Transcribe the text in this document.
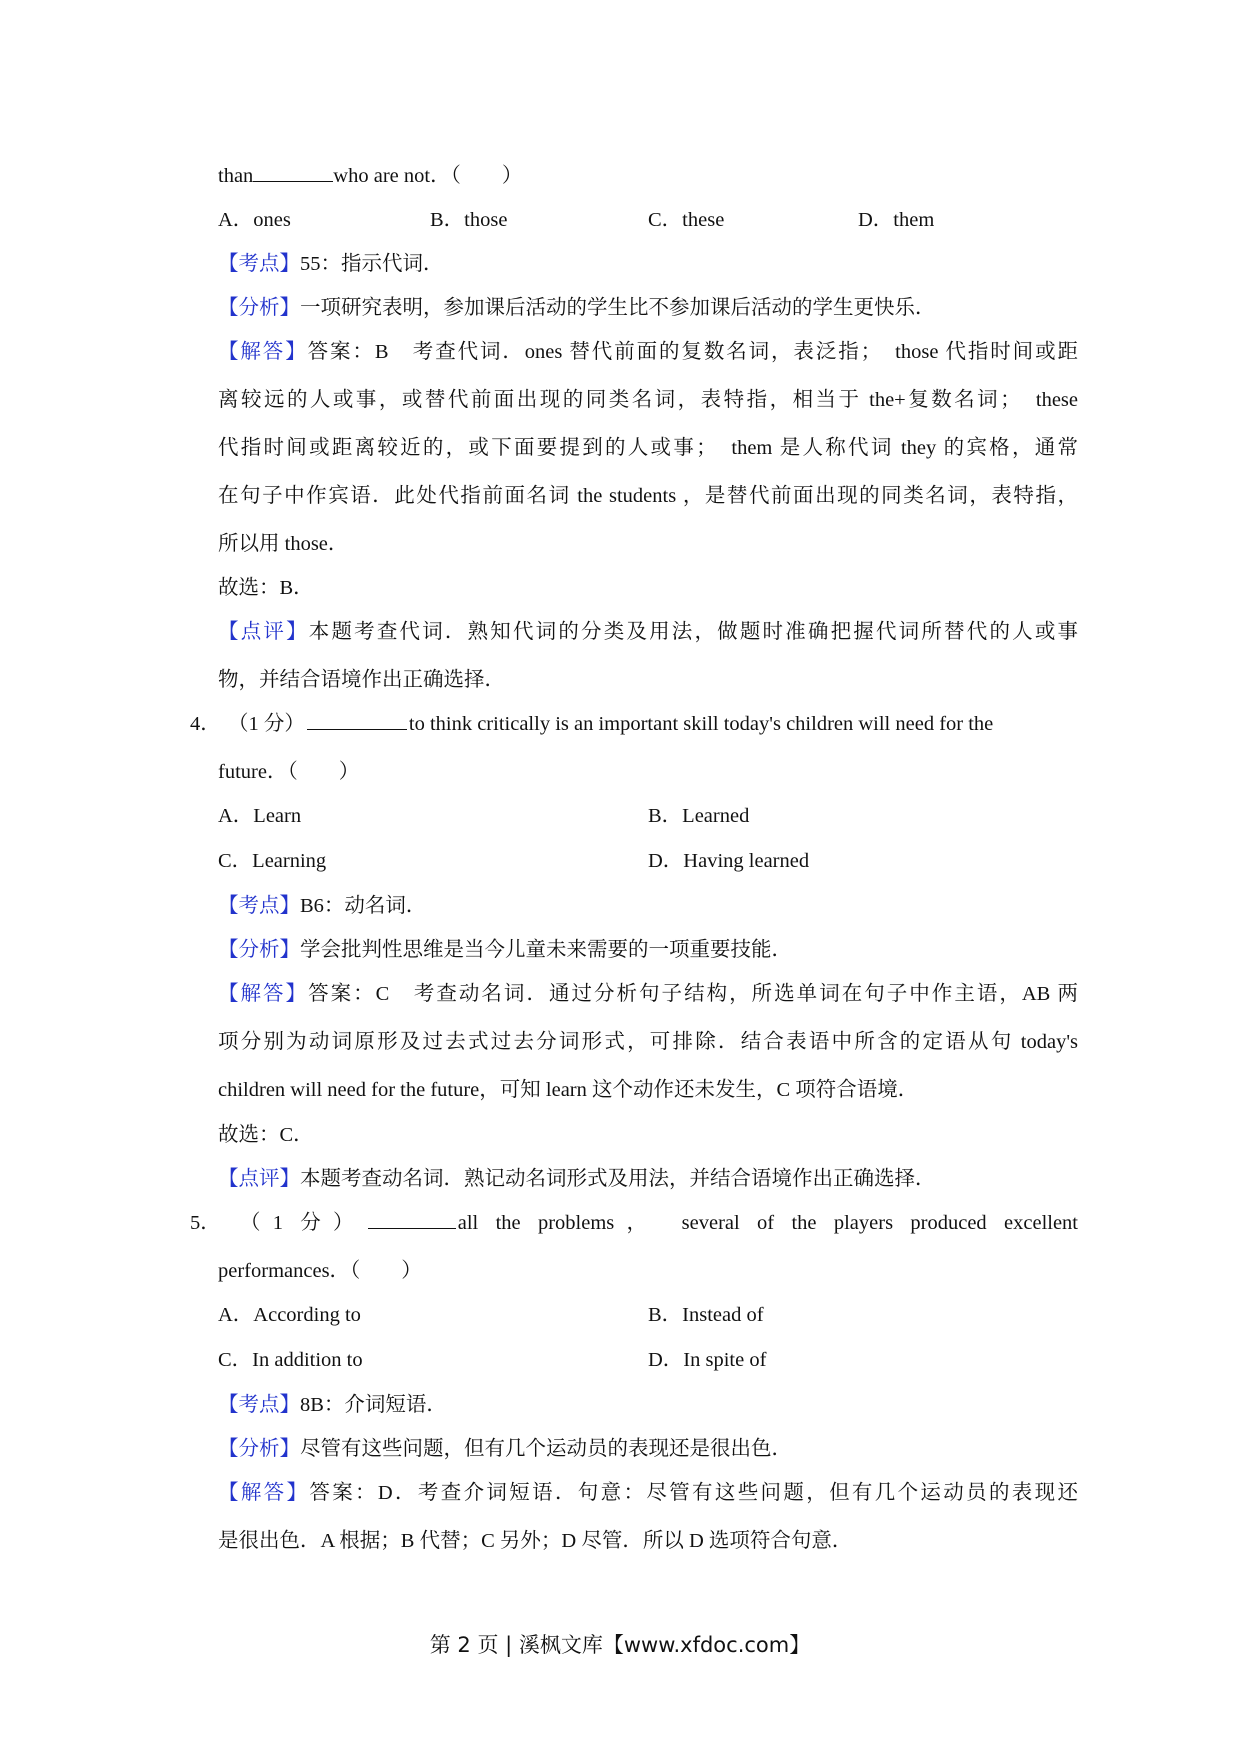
than	who are not．（　　）
A．ones	B．those	C．these	D．them
【考点】55：指示代词．
【分析】一项研究表明，参加课后活动的学生比不参加课后活动的学生更快乐．
【解答】答案：B　考查代词．ones 替代前面的复数名词，表泛指；　those 代指时间或距
离较远的人或事，或替代前面出现的同类名词，表特指，相当于 the+复数名词；　these
代指时间或距离较近的，或下面要提到的人或事；　them 是人称代词 they 的宾格，通常
在句子中作宾语．此处代指前面名词 the students ，是替代前面出现的同类名词，表特指，
所以用 those．
故选：B．
【点评】本题考查代词．熟知代词的分类及用法，做题时准确把握代词所替代的人或事
物，并结合语境作出正确选择．
4． （1 分）	to think critically is an important skill today's children will need for the
future．（　　）
A．Learn	B．Learned
C．Learning	D．Having learned
【考点】B6：动名词．
【分析】学会批判性思维是当今儿童未来需要的一项重要技能．
【解答】答案：C　考查动名词．通过分析句子结构，所选单词在句子中作主语，AB 两
项分别为动词原形及过去式过去分词形式，可排除．结合表语中所含的定语从句 today's
children will need for the future，可知 learn 这个动作还未发生，C 项符合语境．
故选：C．
【点评】本题考查动名词．熟记动名词形式及用法，并结合语境作出正确选择．
5． （1 分）	all the problems，　several of the players produced excellent
performances．（　　）
A．According to	B．Instead of
C．In addition to	D．In spite of
【考点】8B：介词短语．
【分析】尽管有这些问题，但有几个运动员的表现还是很出色．
【解答】答案：D．考查介词短语．句意：尽管有这些问题，但有几个运动员的表现还
是很出色．A 根据；B 代替；C 另外；D 尽管．所以 D 选项符合句意．
第 2 页 | 溪枫文库【www.xfdoc.com】
